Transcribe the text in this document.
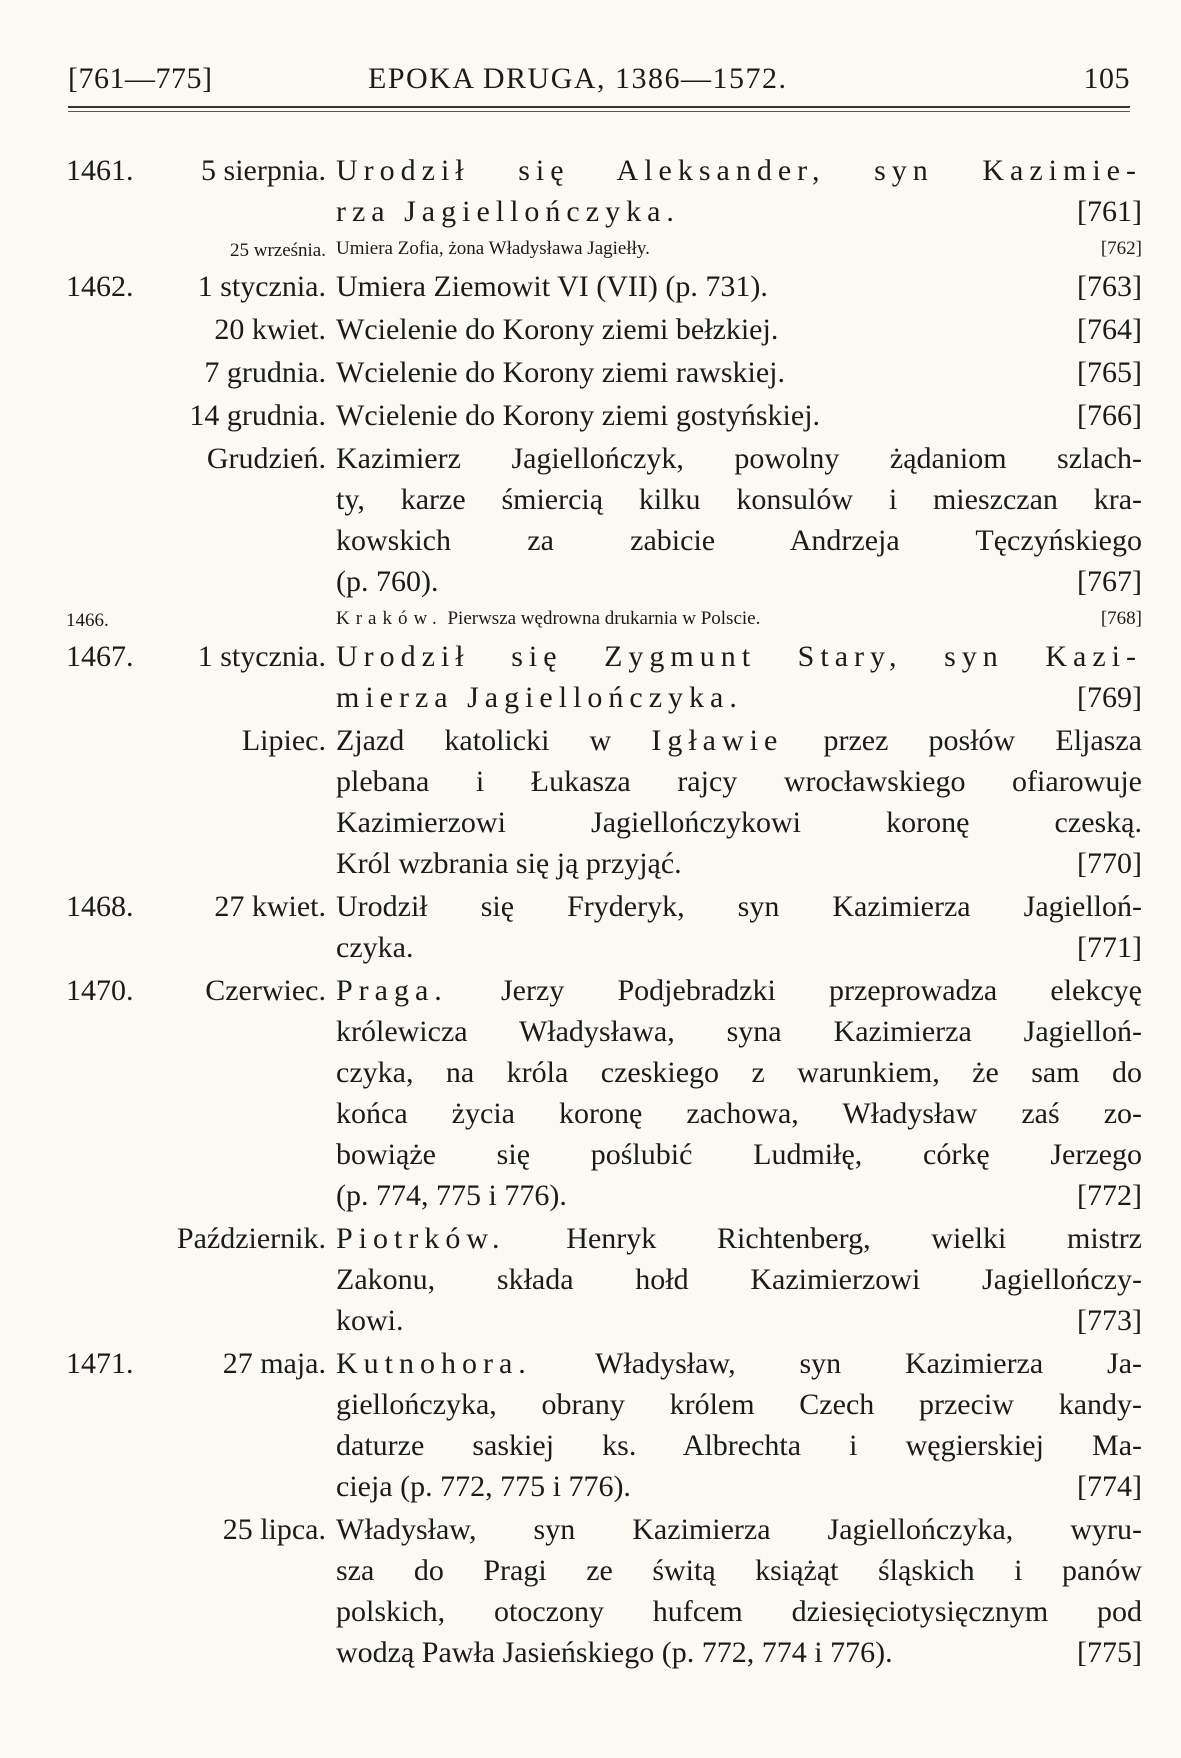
[761—775]	EPOKA DRUGA, 1386—1572.	105
1461. 5 sierpnia. Urodził się Aleksander, syn Kazimie-
rza Jagiellończyka.	[761]
25 września. Umiera Zofia, żona Władysława Jagiełły.	[762]
1462. 1 stycznia. Umiera Ziemowit VI (VII) (p. 731).	[763]
20 kwiet. Wcielenie do Korony ziemi bełzkiej.	[764]
7 grudnia. Wcielenie do Korony ziemi rawskiej.	[765]
14 grudnia. Wcielenie do Korony ziemi gostyńskiej.	[766]
Grudzień. Kazimierz Jagiellończyk, powolny żądaniom szlach-
ty, karze śmiercią kilku konsulów i mieszczan kra-
kowskich za zabicie Andrzeja Tęczyńskiego
(p. 760).	[767]
1466.	Kraków. Pierwsza wędrowna drukarnia w Polscie.	[768]
1467. 1 stycznia. Urodził się Zygmunt Stary, syn Kazi-
mierza Jagiellończyka.	[769]
Lipiec. Zjazd katolicki w Igławie przez posłów Eljasza
plebana i Łukasza rajcy wrocławskiego ofiarowuje
Kazimierzowi Jagiellończykowi koronę czeską.
Król wzbrania się ją przyjąć.	[770]
1468.	27 kwiet. Urodził się Fryderyk, syn Kazimierza Jagielloń-
czyka.	[771]
1470. Czerwiec. Praga. Jerzy Podjebradzki przeprowadza elekcyę
królewicza Władysława, syna Kazimierza Jagielloń-
czyka, na króla czeskiego z warunkiem, że sam do
końca życia koronę zachowa, Władysław zaś zo-
bowiąże się poślubić Ludmiłę, córkę Jerzego
(p. 774, 775 i 776).	[772]
Październik. Piotrków. Henryk Richtenberg, wielki mistrz
Zakonu, składa hołd Kazimierzowi Jagiellończy-
kowi.	[773]
1471.	27 maja. Kutnohora. Władysław, syn Kazimierza Ja-
giellończyka, obrany królem Czech przeciw kandy-
daturze saskiej ks. Albrechta i węgierskiej Ma-
cieja (p. 772, 775 i 776).	[774]
25 lipca. Władysław, syn Kazimierza Jagiellończyka, wyru-
sza do Pragi ze świtą książąt śląskich i panów
polskich, otoczony hufcem dziesięciotysięcznym pod
wodzą Pawła Jasieńskiego (p. 772, 774 i 776).	[775]
